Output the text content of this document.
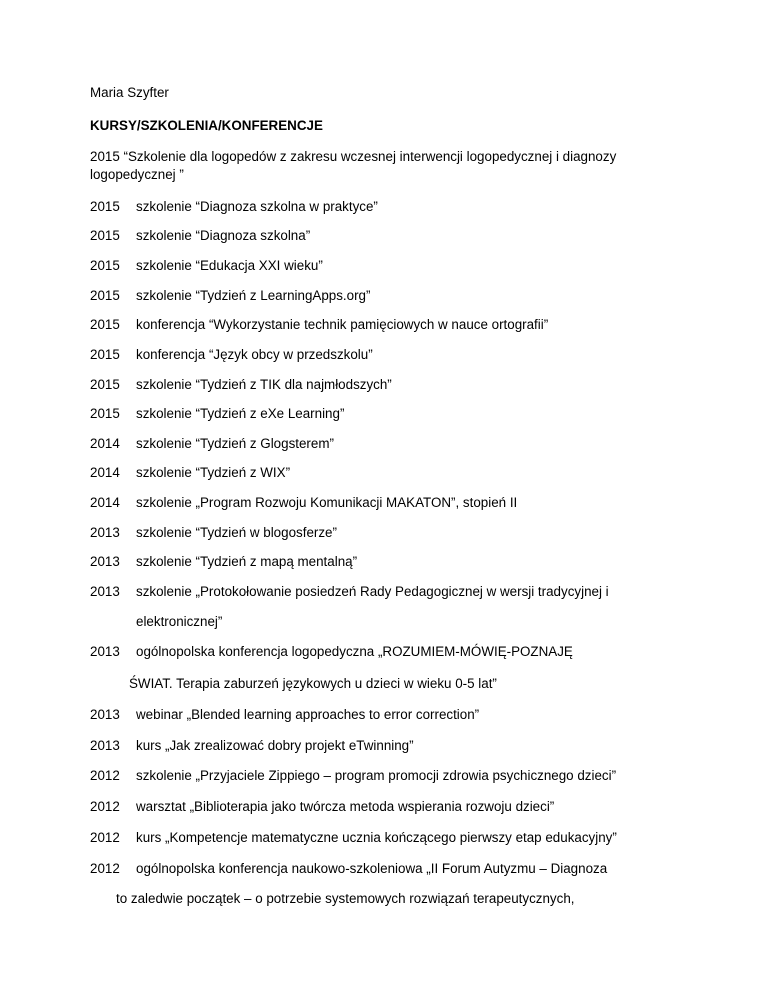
Maria Szyfter
KURSY/SZKOLENIA/KONFERENCJE
2015 “Szkolenie dla logopedów z zakresu wczesnej interwencji logopedycznej i diagnozy
logopedycznej ”
2015 szkolenie “Diagnoza szkolna w praktyce”
2015 szkolenie “Diagnoza szkolna”
2015 szkolenie “Edukacja XXI wieku”
2015 szkolenie “Tydzień z LearningApps.org”
2015 konferencja “Wykorzystanie technik pamięciowych w nauce ortografii”
2015 konferencja “Język obcy w przedszkolu”
2015 szkolenie “Tydzień z TIK dla najmłodszych”
2015 szkolenie “Tydzień z eXe Learning”
2014 szkolenie “Tydzień z Glogsterem”
2014 szkolenie “Tydzień z WIX”
2014 szkolenie „Program Rozwoju Komunikacji MAKATON”, stopień II
2013 szkolenie “Tydzień w blogosferze”
2013 szkolenie “Tydzień z mapą mentalną”
2013 szkolenie „Protokołowanie posiedzeń Rady Pedagogicznej w wersji tradycyjnej i
elektronicznej”
2013 ogólnopolska konferencja logopedyczna „ROZUMIEM-MÓWIĘ-POZNAJĘ
ŚWIAT. Terapia zaburzeń językowych u dzieci w wieku 0-5 lat”
2013 webinar „Blended learning approaches to error correction”
2013 kurs „Jak zrealizować dobry projekt eTwinning”
2012 szkolenie „Przyjaciele Zippiego – program promocji zdrowia psychicznego dzieci”
2012 warsztat „Biblioterapia jako twórcza metoda wspierania rozwoju dzieci”
2012 kurs „Kompetencje matematyczne ucznia kończącego pierwszy etap edukacyjny”
2012 ogólnopolska konferencja naukowo-szkoleniowa „II Forum Autyzmu – Diagnoza
to zaledwie początek – o potrzebie systemowych rozwiązań terapeutycznych,
